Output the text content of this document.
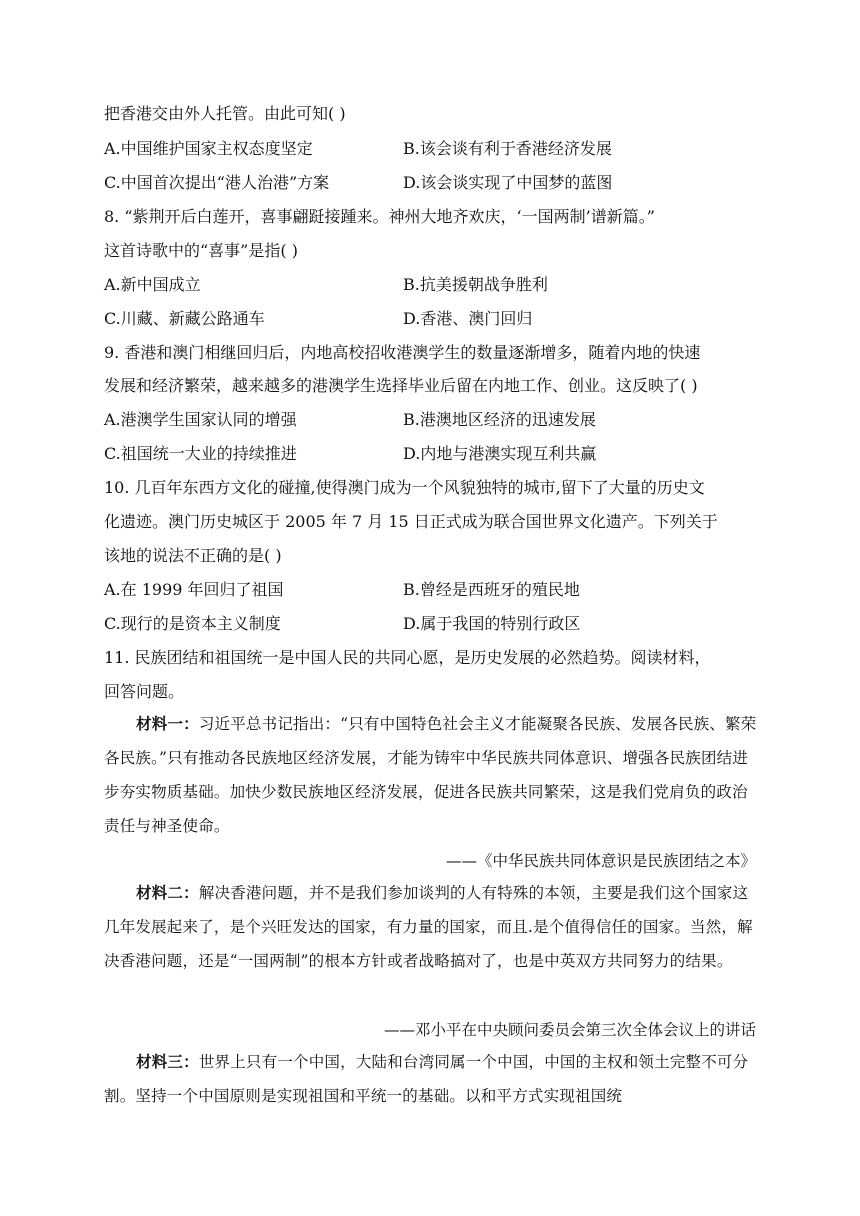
把香港交由外人托管。由此可知( )
A.中国维护国家主权态度坚定	B.该会谈有利于香港经济发展
C.中国首次提出“港人治港”方案	D.该会谈实现了中国梦的蓝图
8. “紫荆开后白莲开，喜事翩跹接踵来。神州大地齐欢庆，‘一国两制’谱新篇。”
这首诗歌中的“喜事”是指( )
A.新中国成立	B.抗美援朝战争胜利
C.川藏、新藏公路通车	D.香港、澳门回归
9. 香港和澳门相继回归后，内地高校招收港澳学生的数量逐渐增多，随着内地的快速
发展和经济繁荣，越来越多的港澳学生选择毕业后留在内地工作、创业。这反映了( )
A.港澳学生国家认同的增强	B.港澳地区经济的迅速发展
C.祖国统一大业的持续推进	D.内地与港澳实现互利共赢
10. 几百年东西方文化的碰撞,使得澳门成为一个风貌独特的城市,留下了大量的历史文
化遗迹。澳门历史城区于 2005 年 7 月 15 日正式成为联合国世界文化遗产。下列关于
该地的说法不正确的是( )
A.在 1999 年回归了祖国	B.曾经是西班牙的殖民地
C.现行的是资本主义制度	D.属于我国的特别行政区
11. 民族团结和祖国统一是中国人民的共同心愿，是历史发展的必然趋势。阅读材料，
回答问题。
材料一：习近平总书记指出：“只有中国特色社会主义才能凝聚各民族、发展各民族、繁荣各民族。”只有推动各民族地区经济发展，才能为铸牢中华民族共同体意识、增强各民族团结进步夯实物质基础。加快少数民族地区经济发展，促进各民族共同繁荣，这是我们党肩负的政治责任与神圣使命。
——《中华民族共同体意识是民族团结之本》
材料二：解决香港问题，并不是我们参加谈判的人有特殊的本领，主要是我们这个国家这几年发展起来了，是个兴旺发达的国家，有力量的国家，而且.是个值得信任的国家。当然，解决香港问题，还是“一国两制”的根本方针或者战略搞对了，也是中英双方共同努力的结果。
——邓小平在中央顾问委员会第三次全体会议上的讲话
材料三：世界上只有一个中国，大陆和台湾同属一个中国，中国的主权和领土完整不可分割。坚持一个中国原则是实现祖国和平统一的基础。以和平方式实现祖国统
